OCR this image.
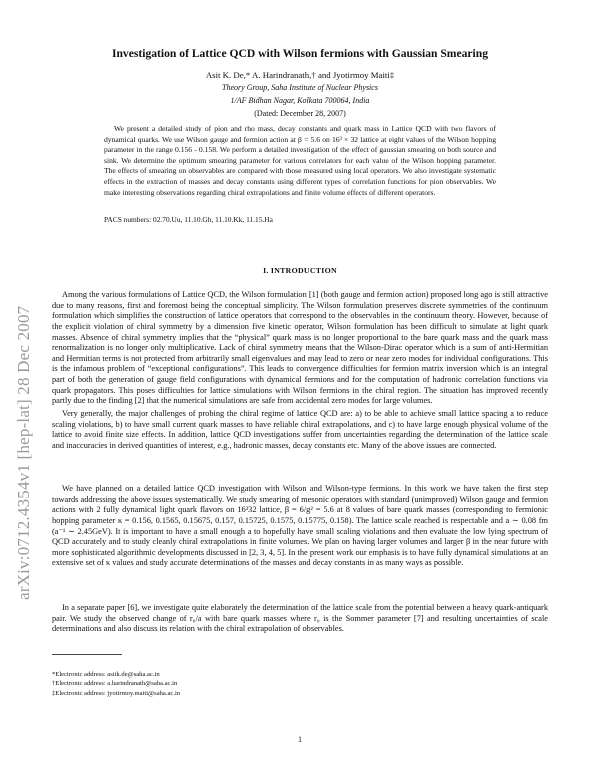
arXiv:0712.4354v1 [hep-lat] 28 Dec 2007
Investigation of Lattice QCD with Wilson fermions with Gaussian Smearing
Asit K. De,* A. Harindranath,† and Jyotirmoy Maiti‡
Theory Group, Saha Institute of Nuclear Physics
1/AF Bidhan Nagar, Kolkata 700064, India
(Dated: December 28, 2007)
We present a detailed study of pion and rho mass, decay constants and quark mass in Lattice QCD with two flavors of dynamical quarks. We use Wilson gauge and fermion action at β = 5.6 on 16³ × 32 lattice at eight values of the Wilson hopping parameter in the range 0.156 - 0.158. We perform a detailed investigation of the effect of gaussian smearing on both source and sink. We determine the optimum smearing parameter for various correlators for each value of the Wilson hopping parameter. The effects of smearing on observables are compared with those measured using local operators. We also investigate systematic effects in the extraction of masses and decay constants using different types of correlation functions for pion observables. We make interesting observations regarding chiral extrapolations and finite volume effects of different operators.
PACS numbers: 02.70.Uu, 11.10.Gh, 11.10.Kk, 11.15.Ha
I. INTRODUCTION
Among the various formulations of Lattice QCD, the Wilson formulation [1] (both gauge and fermion action) proposed long ago is still attractive due to many reasons, first and foremost being the conceptual simplicity. The Wilson formulation preserves discrete symmetries of the continuum formulation which simplifies the construction of lattice operators that correspond to the observables in the continuum theory. However, because of the explicit violation of chiral symmetry by a dimension five kinetic operator, Wilson formulation has been difficult to simulate at light quark masses. Absence of chiral symmetry implies that the “physical” quark mass is no longer proportional to the bare quark mass and the quark mass renormalization is no longer only multiplicative. Lack of chiral symmetry means that the Wilson-Dirac operator which is a sum of anti-Hermitian and Hermitian terms is not protected from arbitrarily small eigenvalues and may lead to zero or near zero modes for individual configurations. This is the infamous problem of “exceptional configurations”. This leads to convergence difficulties for fermion matrix inversion which is an integral part of both the generation of gauge field configurations with dynamical fermions and for the computation of hadronic correlation functions via quark propagators. This poses difficulties for lattice simulations with Wilson fermions in the chiral region. The situation has improved recently partly due to the finding [2] that the numerical simulations are safe from accidental zero modes for large volumes.
Very generally, the major challenges of probing the chiral regime of lattice QCD are: a) to be able to achieve small lattice spacing a to reduce scaling violations, b) to have small current quark masses to have reliable chiral extrapolations, and c) to have large enough physical volume of the lattice to avoid finite size effects. In addition, lattice QCD investigations suffer from uncertainties regarding the determination of the lattice scale and inaccuracies in derived quantities of interest, e.g., hadronic masses, decay constants etc. Many of the above issues are connected.
We have planned on a detailed lattice QCD investigation with Wilson and Wilson-type fermions. In this work we have taken the first step towards addressing the above issues systematically. We study smearing of mesonic operators with standard (unimproved) Wilson gauge and fermion actions with 2 fully dynamical light quark flavors on 16³32 lattice, β = 6/g² = 5.6 at 8 values of bare quark masses (corresponding to fermionic hopping parameter κ = 0.156, 0.1565, 0.15675, 0.157, 0.15725, 0.1575, 0.15775, 0.158). The lattice scale reached is respectable and a ∼ 0.08 fm (a⁻¹ ∼ 2.45GeV). It is important to have a small enough a to hopefully have small scaling violations and then evaluate the low lying spectrum of QCD accurately and to study cleanly chiral extrapolations in finite volumes. We plan on having larger volumes and larger β in the near future with more sophisticated algorithmic developments discussed in [2, 3, 4, 5]. In the present work our emphasis is to have fully dynamical simulations at an extensive set of κ values and study accurate determinations of the masses and decay constants in as many ways as possible.
In a separate paper [6], we investigate quite elaborately the determination of the lattice scale from the potential between a heavy quark-antiquark pair. We study the observed change of r₀/a with bare quark masses where r₀ is the Sommer parameter [7] and resulting uncertainties of scale determinations and also discuss its relation with the chiral extrapolation of observables.
*Electronic address: asitk.de@saha.ac.in
†Electronic address: a.harindranath@saha.ac.in
‡Electronic address: jyotirmoy.maiti@saha.ac.in
1
